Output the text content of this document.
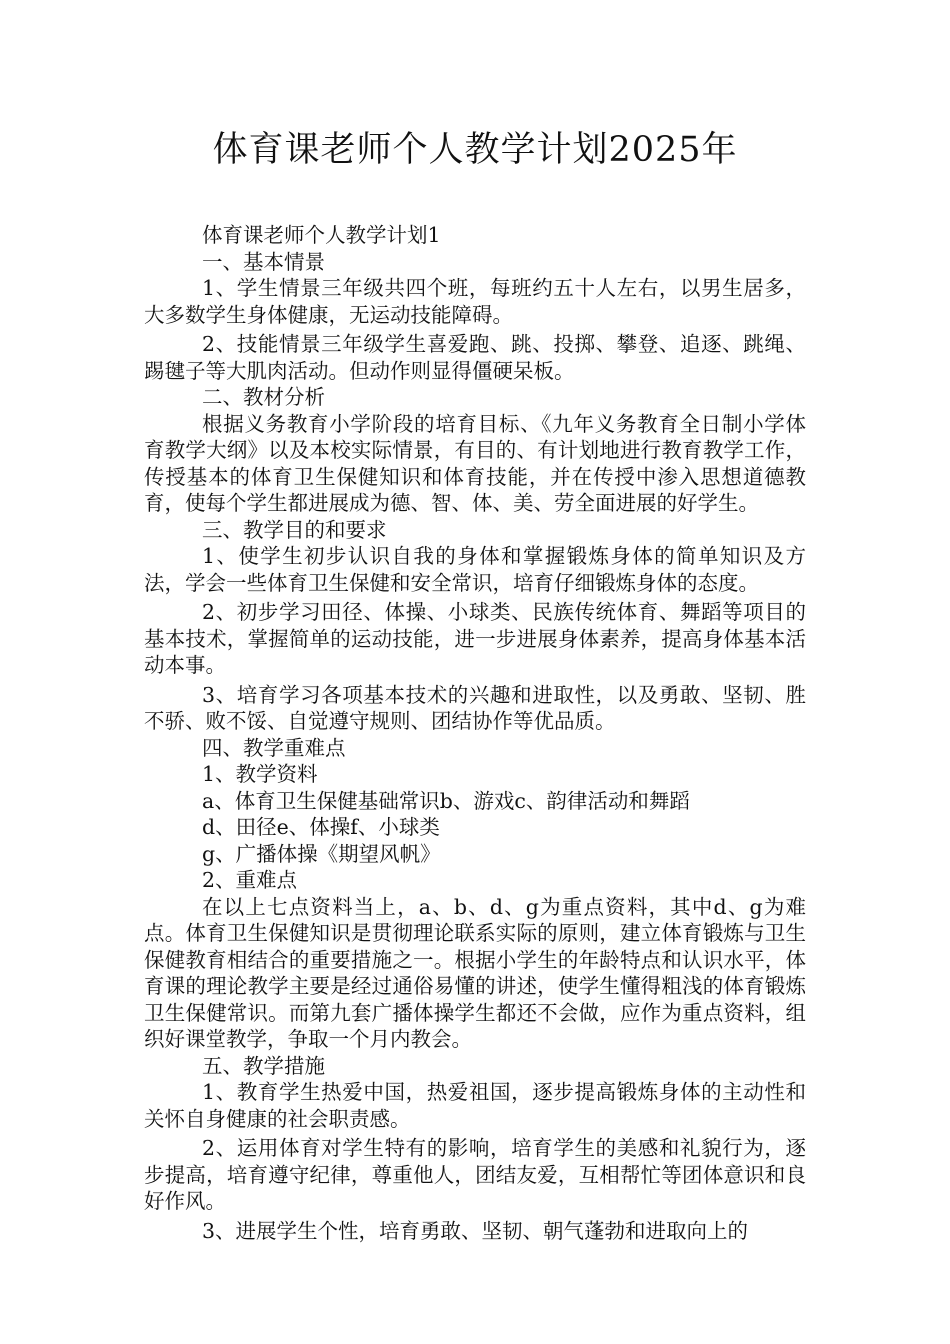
体育课老师个人教学计划2025年

体育课老师个人教学计划1

一、基本情景

1、学生情景三年级共四个班，每班约五十人左右，以男生居多，大多数学生身体健康，无运动技能障碍。

2、技能情景三年级学生喜爱跑、跳、投掷、攀登、追逐、跳绳、踢毽子等大肌肉活动。但动作则显得僵硬呆板。

二、教材分析

根据义务教育小学阶段的培育目标、《九年义务教育全日制小学体育教学大纲》以及本校实际情景，有目的、有计划地进行教育教学工作，传授基本的体育卫生保健知识和体育技能，并在传授中渗入思想道德教育，使每个学生都进展成为德、智、体、美、劳全面进展的好学生。

三、教学目的和要求

1、使学生初步认识自我的身体和掌握锻炼身体的简单知识及方法，学会一些体育卫生保健和安全常识，培育仔细锻炼身体的态度。

2、初步学习田径、体操、小球类、民族传统体育、舞蹈等项目的基本技术，掌握简单的运动技能，进一步进展身体素养，提高身体基本活动本事。

3、培育学习各项基本技术的兴趣和进取性，以及勇敢、坚韧、胜不骄、败不馁、自觉遵守规则、团结协作等优品质。

四、教学重难点

1、教学资料

a、体育卫生保健基础常识b、游戏c、韵律活动和舞蹈

d、田径e、体操f、小球类

g、广播体操《期望风帆》

2、重难点

在以上七点资料当上，a、b、d、g为重点资料，其中d、g为难点。体育卫生保健知识是贯彻理论联系实际的原则，建立体育锻炼与卫生保健教育相结合的重要措施之一。根据小学生的年龄特点和认识水平，体育课的理论教学主要是经过通俗易懂的讲述，使学生懂得粗浅的体育锻炼卫生保健常识。而第九套广播体操学生都还不会做，应作为重点资料，组织好课堂教学，争取一个月内教会。

五、教学措施

1、教育学生热爱中国，热爱祖国，逐步提高锻炼身体的主动性和关怀自身健康的社会职责感。

2、运用体育对学生特有的影响，培育学生的美感和礼貌行为，逐步提高，培育遵守纪律，尊重他人，团结友爱，互相帮忙等团体意识和良好作风。

3、进展学生个性，培育勇敢、坚韧、朝气蓬勃和进取向上的
